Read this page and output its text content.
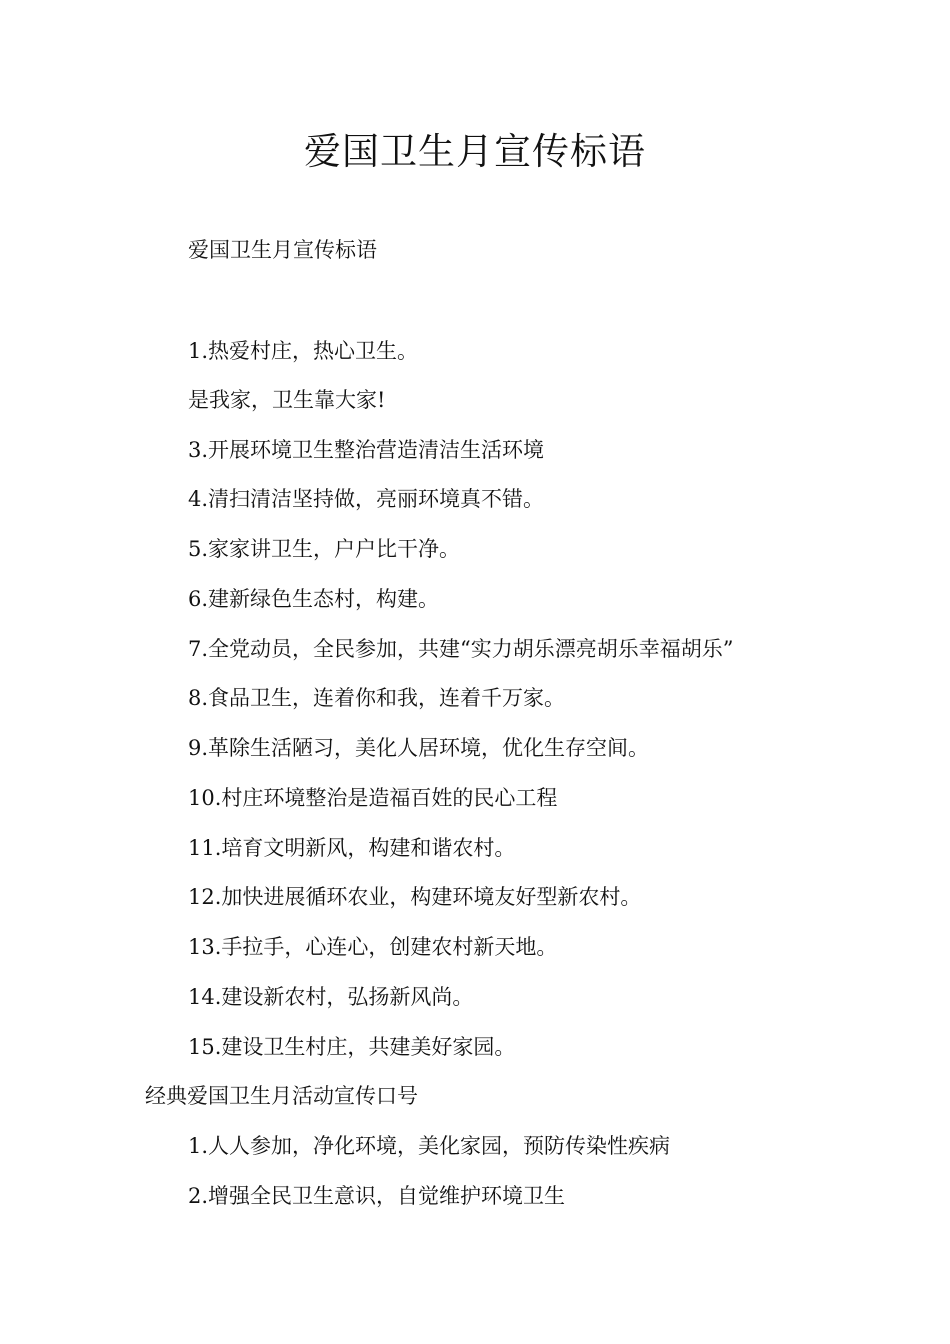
爱国卫生月宣传标语
爱国卫生月宣传标语
1.热爱村庄，热心卫生。
是我家，卫生靠大家!
3.开展环境卫生整治营造清洁生活环境
4.清扫清洁坚持做，亮丽环境真不错。
5.家家讲卫生，户户比干净。
6.建新绿色生态村，构建。
7.全党动员，全民参加，共建“实力胡乐漂亮胡乐幸福胡乐”
8.食品卫生，连着你和我，连着千万家。
9.革除生活陋习，美化人居环境，优化生存空间。
10.村庄环境整治是造福百姓的民心工程
11.培育文明新风，构建和谐农村。
12.加快进展循环农业，构建环境友好型新农村。
13.手拉手，心连心，创建农村新天地。
14.建设新农村，弘扬新风尚。
15.建设卫生村庄，共建美好家园。
经典爱国卫生月活动宣传口号
1.人人参加，净化环境，美化家园，预防传染性疾病
2.增强全民卫生意识，自觉维护环境卫生
